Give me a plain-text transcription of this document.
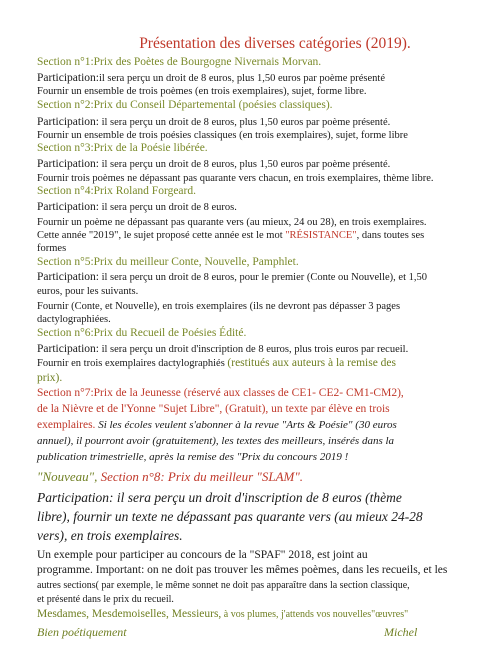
Présentation des diverses catégories (2019).
Section n°1:Prix des Poètes de Bourgogne Nivernais Morvan.
Participation:il sera perçu un droit de 8 euros, plus 1,50 euros par poème présenté
Fournir un ensemble de trois poèmes (en trois exemplaires), sujet, forme libre.
Section n°2:Prix du Conseil Départemental (poésies classiques).
Participation: il sera perçu un droit de 8 euros, plus 1,50 euros par poème présenté.
Fournir un ensemble de trois poésies classiques (en trois exemplaires), sujet, forme libre
Section n°3:Prix de la Poésie libérée.
Participation: il sera perçu un droit de 8 euros, plus 1,50 euros par poème présenté.
Fournir trois poèmes ne dépassant pas quarante vers chacun, en trois exemplaires, thème libre.
Section n°4:Prix Roland Forgeard.
Participation: il sera perçu un droit de 8 euros.
Fournir un poème ne dépassant pas quarante vers (au mieux, 24 ou 28), en trois exemplaires.
Cette année "2019", le sujet proposé cette année est le mot "RÉSISTANCE", dans toutes ses
formes
Section n°5:Prix du meilleur Conte, Nouvelle, Pamphlet.
Participation: il sera perçu un droit de 8 euros, pour le premier (Conte ou Nouvelle), et 1,50
euros, pour les suivants.
Fournir (Conte, et Nouvelle), en trois exemplaires (ils ne devront pas dépasser 3 pages
dactylographiées.
Section n°6:Prix du Recueil de Poésies Édité.
Participation: il sera perçu un droit d'inscription de 8 euros, plus trois euros par recueil.
Fournir en trois exemplaires dactylographiés (restitués aux auteurs à la remise des
prix).
Section n°7:Prix de la Jeunesse (réservé aux classes de CE1- CE2- CM1-CM2),
de la Nièvre et de l'Yonne "Sujet Libre", (Gratuit), un texte par élève en trois
exemplaires. Si les écoles veulent s'abonner à la revue "Arts & Poésie" (30 euros
annuel), il pourront avoir (gratuitement), les textes des meilleurs, insérés dans la
publication trimestrielle, après la remise des "Prix du concours 2019 !
"Nouveau", Section n°8: Prix du meilleur "SLAM".
Participation: il sera perçu un droit d'inscription de 8 euros (thème
libre), fournir un texte ne dépassant pas quarante vers (au mieux 24-28
vers), en trois exemplaires.
Un exemple pour participer au concours de la "SPAF" 2018, est joint au
programme. Important: on ne doit pas trouver les mêmes poèmes, dans les recueils, et les
autres sections( par exemple, le même sonnet ne doit pas apparaître dans la section classique,
et présenté dans le prix du recueil.
Mesdames, Mesdemoiselles, Messieurs, à vos plumes, j'attends vos nouvelles"œuvres"
Bien poétiquement	Michel
